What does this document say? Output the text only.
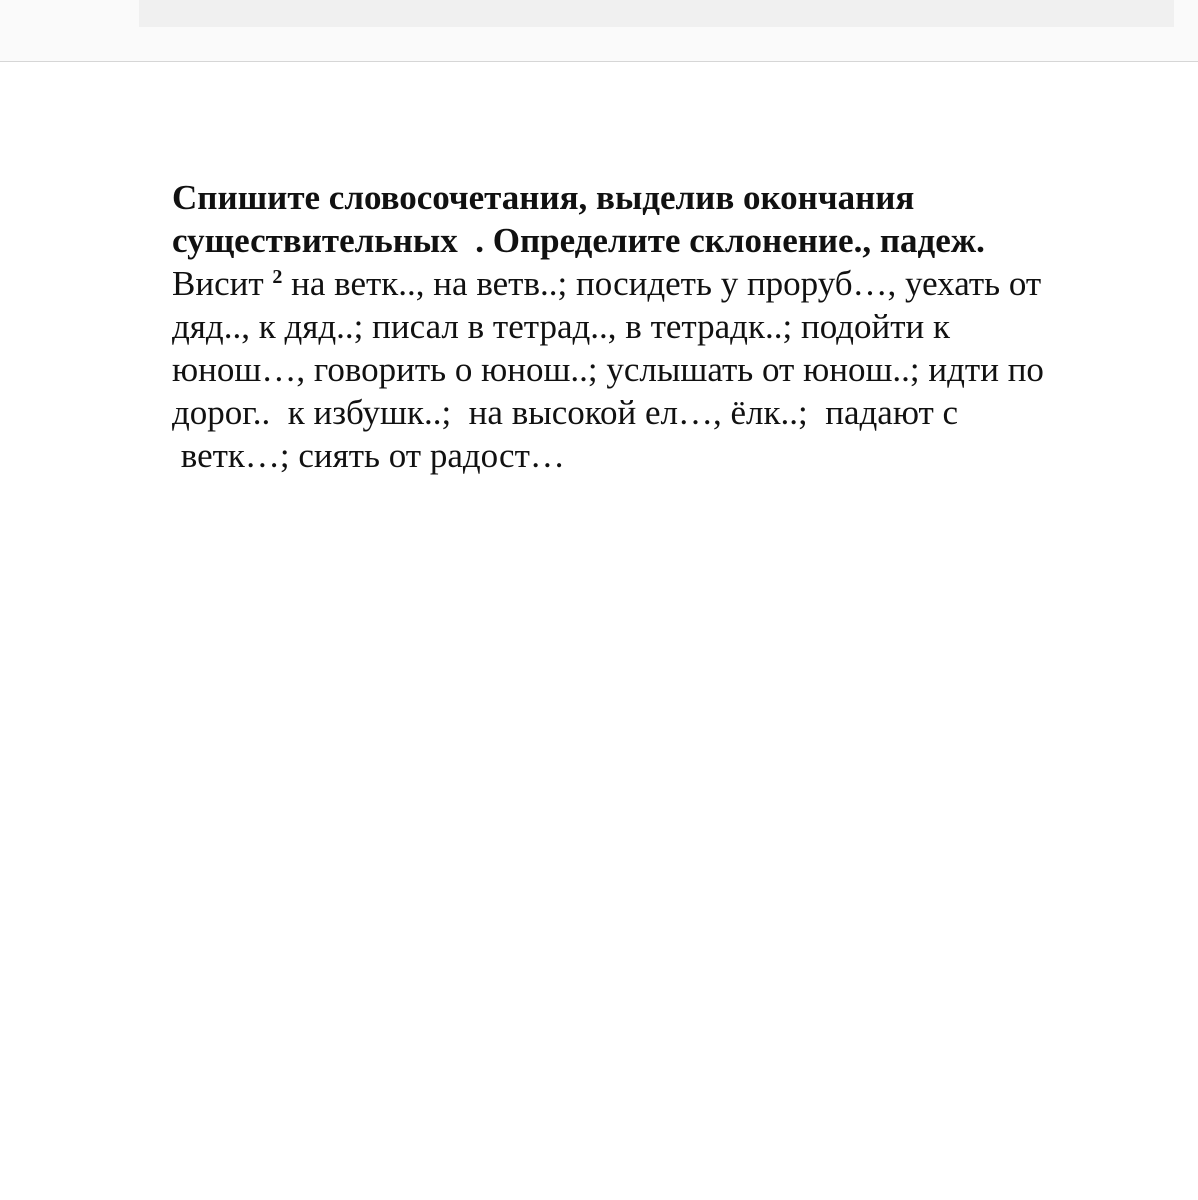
Спишите словосочетания, выделив окончания
существительных  . Определите склонение., падеж.
Висит $^2$ на ветк.., на ветв..; посидеть у проруб…, уехать от
дяд.., к дяд..; писал в тетрад.., в тетрадк..; подойти к
юнош…, говорить о юнош..; услышать от юнош..; идти по
дорог..  к избушк..;  на высокой ел…, ёлк..;  падают с
ветк…; сиять от радост…
